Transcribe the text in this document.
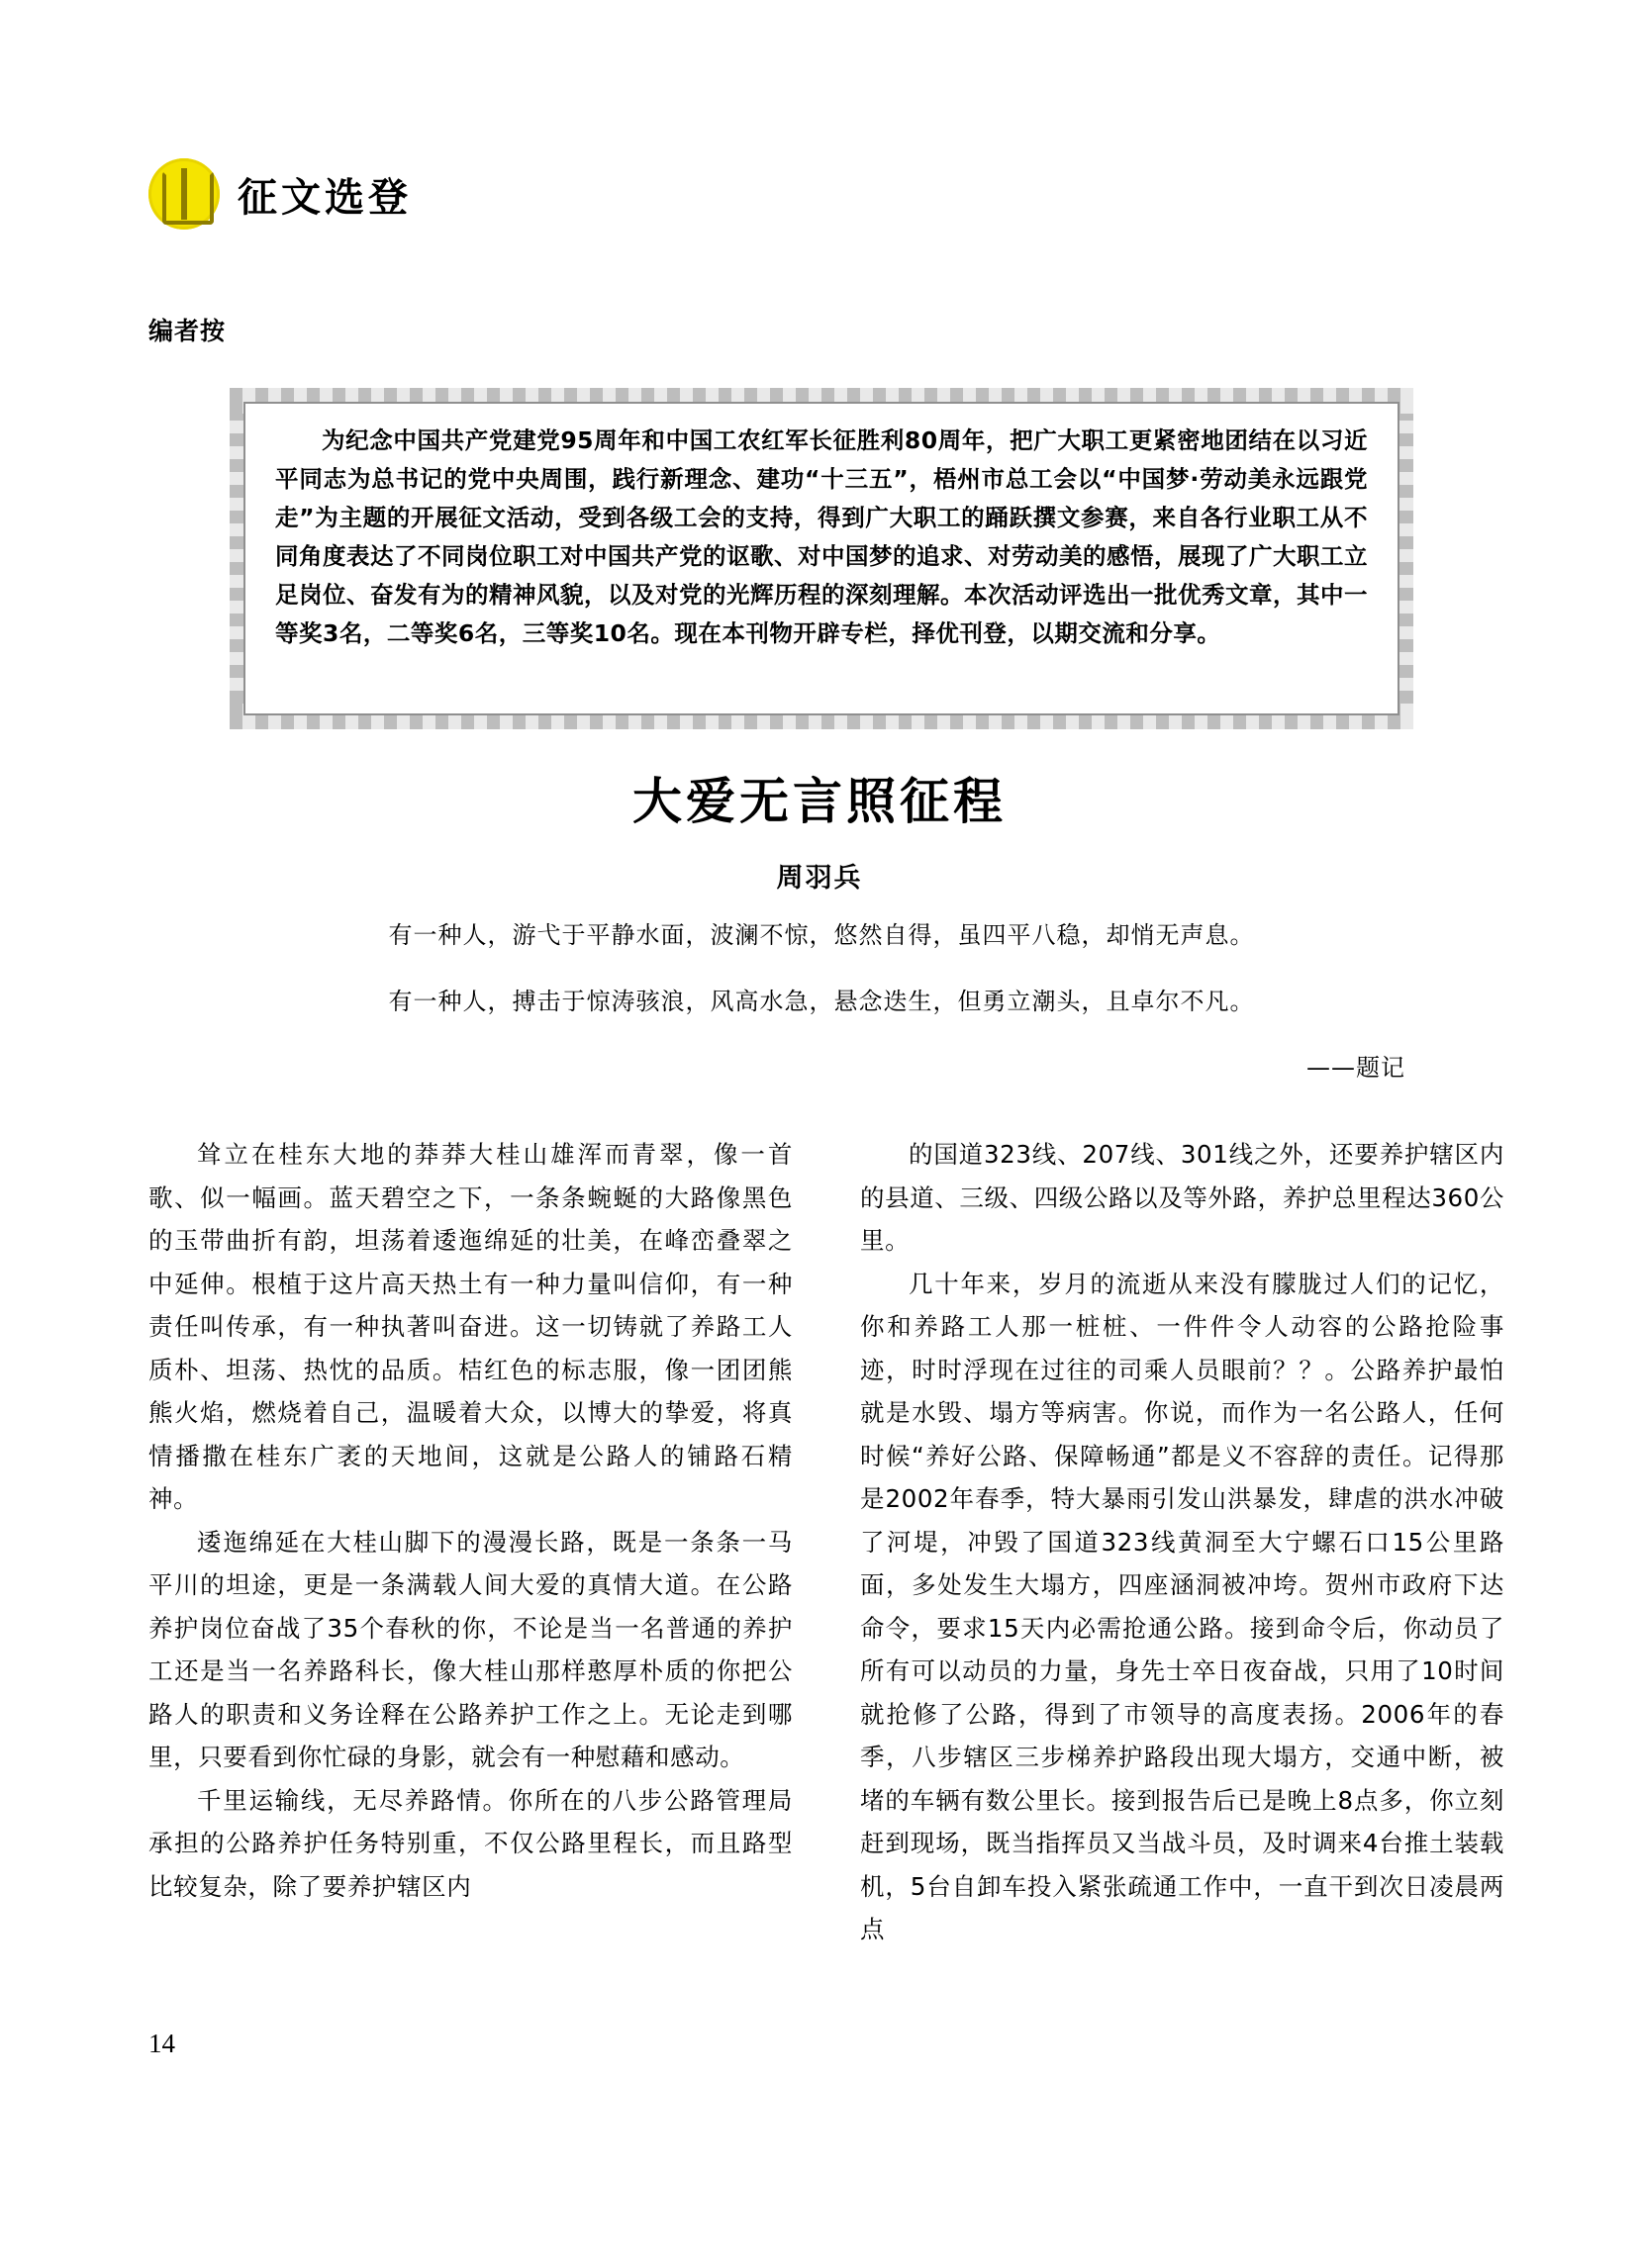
征文选登
编者按
为纪念中国共产党建党95周年和中国工农红军长征胜利80周年，把广大职工更紧密地团结在以习近平同志为总书记的党中央周围，践行新理念、建功“十三五”，梧州市总工会以“中国梦·劳动美永远跟党走”为主题的开展征文活动，受到各级工会的支持，得到广大职工的踊跃撰文参赛，来自各行业职工从不同角度表达了不同岗位职工对中国共产党的讴歌、对中国梦的追求、对劳动美的感悟，展现了广大职工立足岗位、奋发有为的精神风貌，以及对党的光辉历程的深刻理解。本次活动评选出一批优秀文章，其中一等奖3名，二等奖6名，三等奖10名。现在本刊物开辟专栏，择优刊登，以期交流和分享。
大爱无言照征程
周羽兵

有一种人，游弋于平静水面，波澜不惊，悠然自得，虽四平八稳，却悄无声息。

有一种人，搏击于惊涛骇浪，风高水急，悬念迭生，但勇立潮头，且卓尔不凡。

——题记

耸立在桂东大地的莽莽大桂山雄浑而青翠，像一首歌、似一幅画。蓝天碧空之下，一条条蜿蜒的大路像黑色的玉带曲折有韵，坦荡着逶迤绵延的壮美，在峰峦叠翠之中延伸。根植于这片高天热土有一种力量叫信仰，有一种责任叫传承，有一种执著叫奋进。这一切铸就了养路工人质朴、坦荡、热忱的品质。桔红色的标志服，像一团团熊熊火焰，燃烧着自己，温暖着大众，以博大的挚爱，将真情播撒在桂东广袤的天地间，这就是公路人的铺路石精神。

逶迤绵延在大桂山脚下的漫漫长路，既是一条条一马平川的坦途，更是一条满载人间大爱的真情大道。在公路养护岗位奋战了35个春秋的你，不论是当一名普通的养护工还是当一名养路科长，像大桂山那样憨厚朴质的你把公路人的职责和义务诠释在公路养护工作之上。无论走到哪里，只要看到你忙碌的身影，就会有一种慰藉和感动。

千里运输线，无尽养路情。你所在的八步公路管理局承担的公路养护任务特别重，不仅公路里程长，而且路型比较复杂，除了要养护辖区内

的国道323线、207线、301线之外，还要养护辖区内的县道、三级、四级公路以及等外路，养护总里程达360公里。

几十年来，岁月的流逝从来没有朦胧过人们的记忆，你和养路工人那一桩桩、一件件令人动容的公路抢险事迹，时时浮现在过往的司乘人员眼前？？。公路养护最怕就是水毁、塌方等病害。你说，而作为一名公路人，任何时候“养好公路、保障畅通”都是义不容辞的责任。记得那是2002年春季，特大暴雨引发山洪暴发，肆虐的洪水冲破了河堤，冲毁了国道323线黄洞至大宁螺石口15公里路面，多处发生大塌方，四座涵洞被冲垮。贺州市政府下达命令，要求15天内必需抢通公路。接到命令后，你动员了所有可以动员的力量，身先士卒日夜奋战，只用了10时间就抢修了公路，得到了市领导的高度表扬。2006年的春季，八步辖区三步梯养护路段出现大塌方，交通中断，被堵的车辆有数公里长。接到报告后已是晚上8点多，你立刻赶到现场，既当指挥员又当战斗员，及时调来4台推土装载机，5台自卸车投入紧张疏通工作中，一直干到次日凌晨两点

14
